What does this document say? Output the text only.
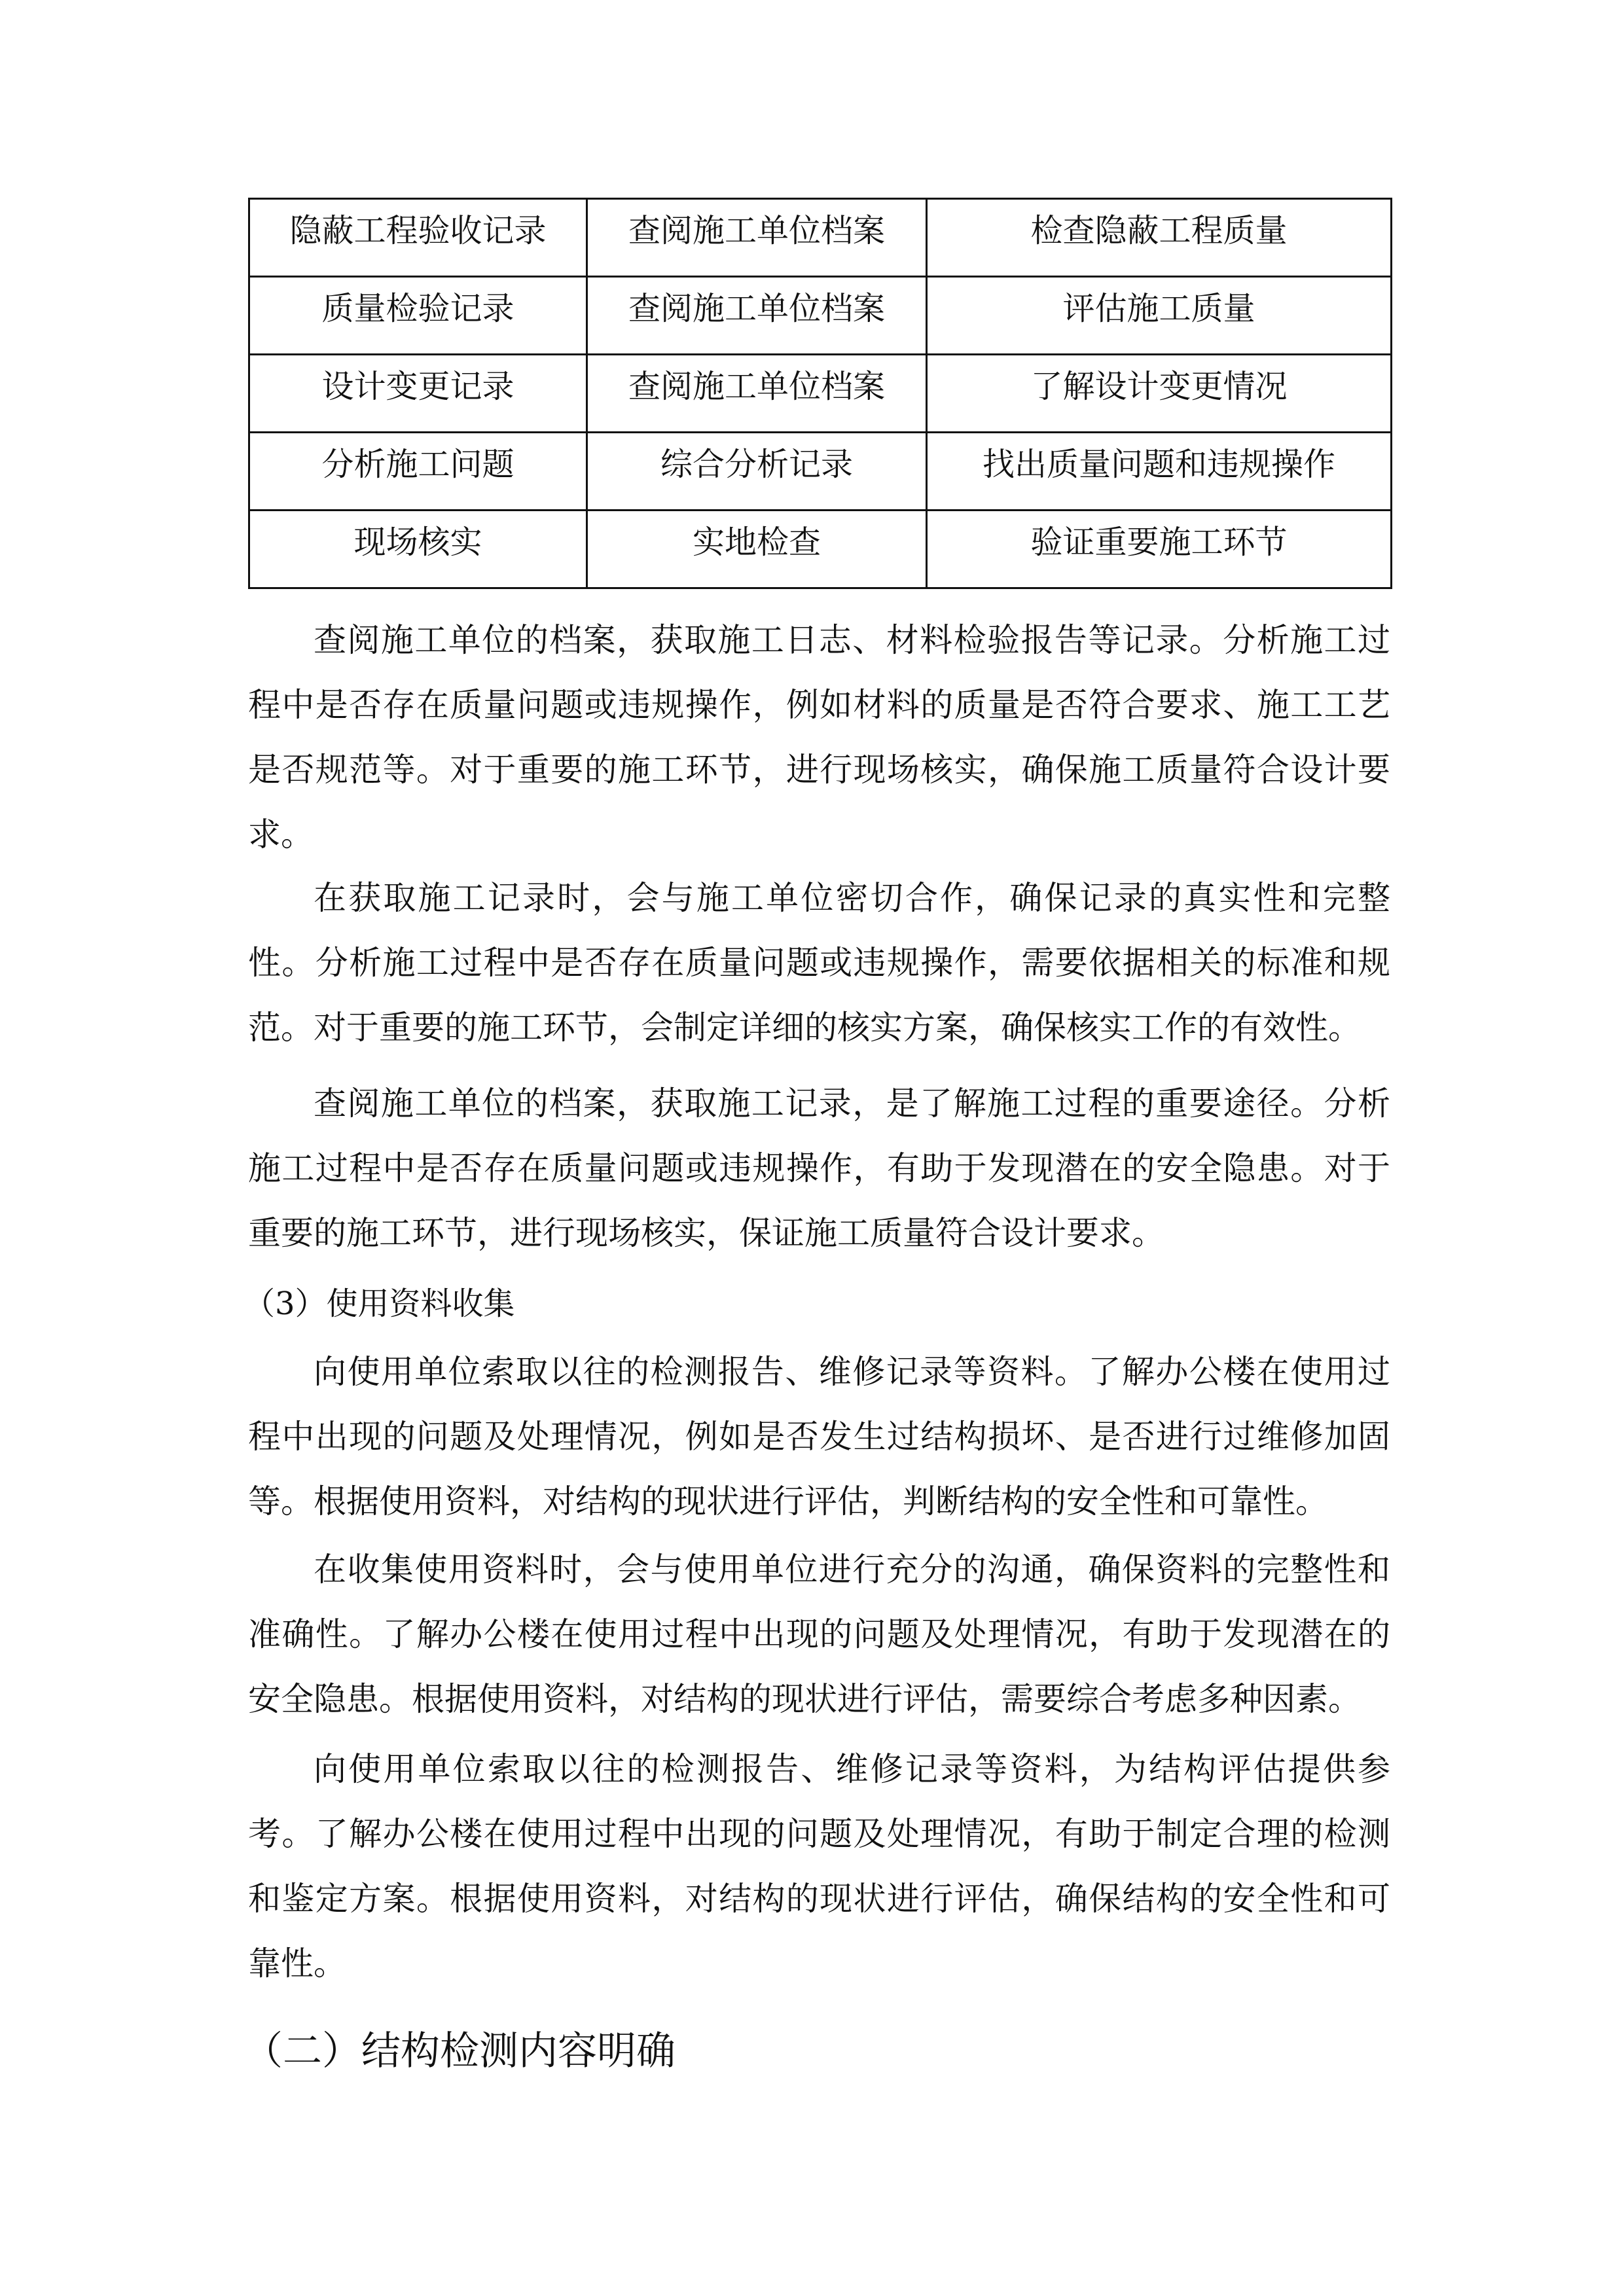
隐蔽工程验收记录	查阅施工单位档案	检查隐蔽工程质量
质量检验记录	查阅施工单位档案	评估施工质量
设计变更记录	查阅施工单位档案	了解设计变更情况
分析施工问题	综合分析记录	找出质量问题和违规操作
现场核实	实地检查	验证重要施工环节

查阅施工单位的档案，获取施工日志、材料检验报告等记录。分析施工过程中是否存在质量问题或违规操作，例如材料的质量是否符合要求、施工工艺是否规范等。对于重要的施工环节，进行现场核实，确保施工质量符合设计要求。

在获取施工记录时，会与施工单位密切合作，确保记录的真实性和完整性。分析施工过程中是否存在质量问题或违规操作，需要依据相关的标准和规范。对于重要的施工环节，会制定详细的核实方案，确保核实工作的有效性。

查阅施工单位的档案，获取施工记录，是了解施工过程的重要途径。分析施工过程中是否存在质量问题或违规操作，有助于发现潜在的安全隐患。对于重要的施工环节，进行现场核实，保证施工质量符合设计要求。

（3）使用资料收集

向使用单位索取以往的检测报告、维修记录等资料。了解办公楼在使用过程中出现的问题及处理情况，例如是否发生过结构损坏、是否进行过维修加固等。根据使用资料，对结构的现状进行评估，判断结构的安全性和可靠性。

在收集使用资料时，会与使用单位进行充分的沟通，确保资料的完整性和准确性。了解办公楼在使用过程中出现的问题及处理情况，有助于发现潜在的安全隐患。根据使用资料，对结构的现状进行评估，需要综合考虑多种因素。

向使用单位索取以往的检测报告、维修记录等资料，为结构评估提供参考。了解办公楼在使用过程中出现的问题及处理情况，有助于制定合理的检测和鉴定方案。根据使用资料，对结构的现状进行评估，确保结构的安全性和可靠性。

（二）结构检测内容明确
